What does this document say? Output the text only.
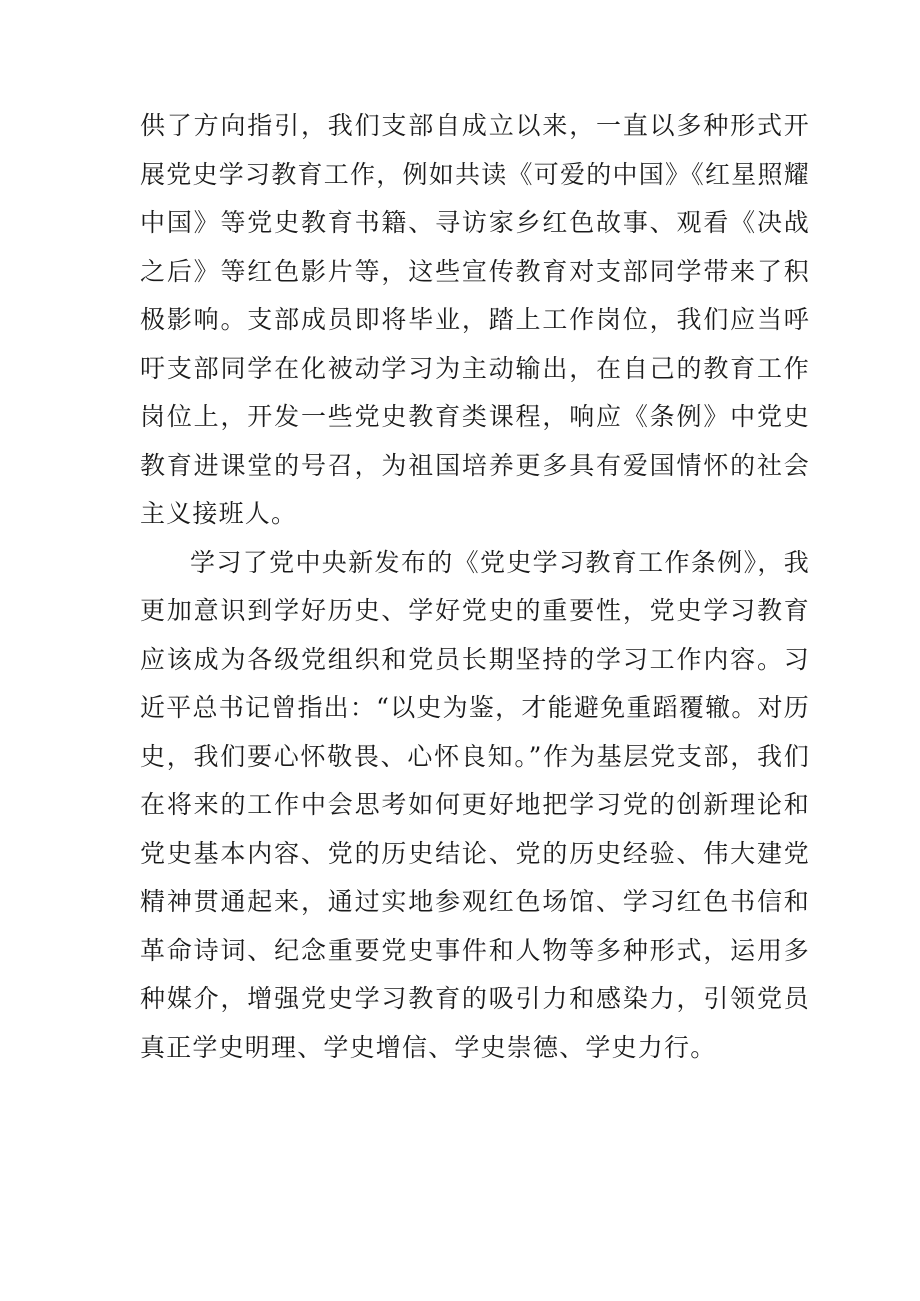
供了方向指引，我们支部自成立以来，一直以多种形式开展党史学习教育工作，例如共读《可爱的中国》《红星照耀中国》等党史教育书籍、寻访家乡红色故事、观看《决战之后》等红色影片等，这些宣传教育对支部同学带来了积极影响。支部成员即将毕业，踏上工作岗位，我们应当呼吁支部同学在化被动学习为主动输出，在自己的教育工作岗位上，开发一些党史教育类课程，响应《条例》中党史教育进课堂的号召，为祖国培养更多具有爱国情怀的社会主义接班人。

学习了党中央新发布的《党史学习教育工作条例》，我更加意识到学好历史、学好党史的重要性，党史学习教育应该成为各级党组织和党员长期坚持的学习工作内容。习近平总书记曾指出：“以史为鉴，才能避免重蹈覆辙。对历史，我们要心怀敬畏、心怀良知。”作为基层党支部，我们在将来的工作中会思考如何更好地把学习党的创新理论和党史基本内容、党的历史结论、党的历史经验、伟大建党精神贯通起来，通过实地参观红色场馆、学习红色书信和革命诗词、纪念重要党史事件和人物等多种形式，运用多种媒介，增强党史学习教育的吸引力和感染力，引领党员真正学史明理、学史增信、学史崇德、学史力行。
